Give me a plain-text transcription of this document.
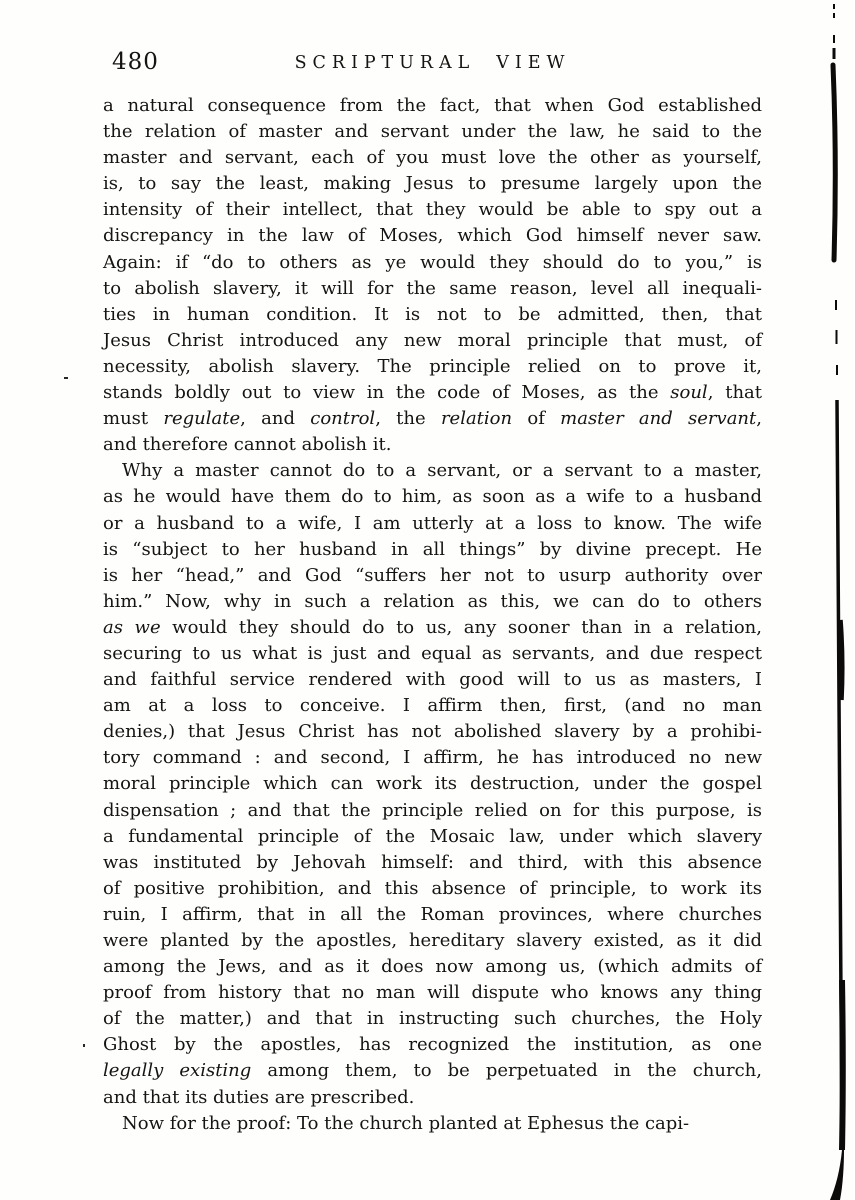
480	SCRIPTURAL VIEW
a natural consequence from the fact, that when God established
the relation of master and servant under the law, he said to the
master and servant, each of you must love the other as yourself,
is, to say the least, making Jesus to presume largely upon the
intensity of their intellect, that they would be able to spy out a
discrepancy in the law of Moses, which God himself never saw.
Again: if “do to others as ye would they should do to you,” is
to abolish slavery, it will for the same reason, level all inequali-
ties in human condition. It is not to be admitted, then, that
Jesus Christ introduced any new moral principle that must, of
necessity, abolish slavery. The principle relied on to prove it,
stands boldly out to view in the code of Moses, as the soul, that
must regulate, and control, the relation of master and servant,
and therefore cannot abolish it.
Why a master cannot do to a servant, or a servant to a master,
as he would have them do to him, as soon as a wife to a husband
or a husband to a wife, I am utterly at a loss to know. The wife
is “subject to her husband in all things” by divine precept. He
is her “head,” and God “suffers her not to usurp authority over
him.” Now, why in such a relation as this, we can do to others
as we would they should do to us, any sooner than in a relation,
securing to us what is just and equal as servants, and due respect
and faithful service rendered with good will to us as masters, I
am at a loss to conceive. I affirm then, first, (and no man
denies,) that Jesus Christ has not abolished slavery by a prohibi-
tory command : and second, I affirm, he has introduced no new
moral principle which can work its destruction, under the gospel
dispensation ; and that the principle relied on for this purpose, is
a fundamental principle of the Mosaic law, under which slavery
was instituted by Jehovah himself: and third, with this absence
of positive prohibition, and this absence of principle, to work its
ruin, I affirm, that in all the Roman provinces, where churches
were planted by the apostles, hereditary slavery existed, as it did
among the Jews, and as it does now among us, (which admits of
proof from history that no man will dispute who knows any thing
of the matter,) and that in instructing such churches, the Holy
Ghost by the apostles, has recognized the institution, as one
legally existing among them, to be perpetuated in the church,
and that its duties are prescribed.
Now for the proof: To the church planted at Ephesus the capi-
